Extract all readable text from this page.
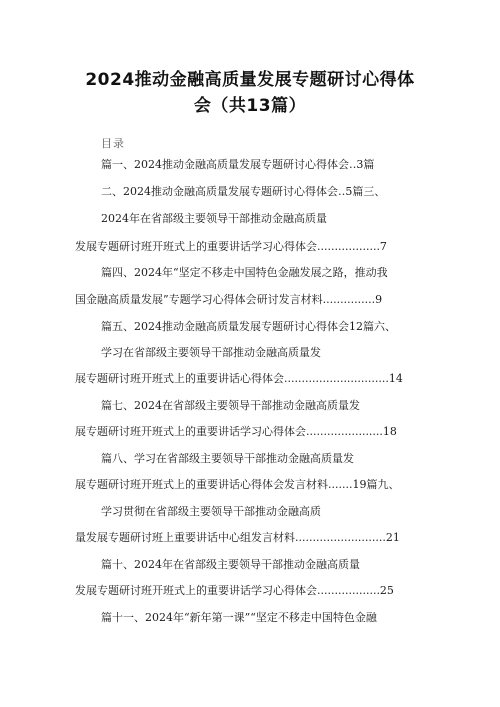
2024推动金融高质量发展专题研讨心得体
会（共13篇）
目录
篇一、2024推动金融高质量发展专题研讨心得体会‥3篇
二、2024推动金融高质量发展专题研讨心得体会‥5篇三、
2024年在省部级主要领导干部推动金融高质量
发展专题研讨班开班式上的重要讲话学习心得体会..................7
篇四、2024年“坚定不移走中国特色金融发展之路，推动我
国金融高质量发展”专题学习心得体会研讨发言材料...............9
篇五、2024推动金融高质量发展专题研讨心得体会12篇六、
学习在省部级主要领导干部推动金融高质量发
展专题研讨班开班式上的重要讲话心得体会..............................14
篇七、2024在省部级主要领导干部推动金融高质量发
展专题研讨班开班式上的重要讲话学习心得体会......................18
篇八、学习在省部级主要领导干部推动金融高质量发
展专题研讨班开班式上的重要讲话心得体会发言材料.......19篇九、
学习贯彻在省部级主要领导干部推动金融高质
量发展专题研讨班上重要讲话中心组发言材料..........................21
篇十、2024年在省部级主要领导干部推动金融高质量
发展专题研讨班开班式上的重要讲话学习心得体会..................25
篇十一、2024年“新年第一课”“坚定不移走中国特色金融
